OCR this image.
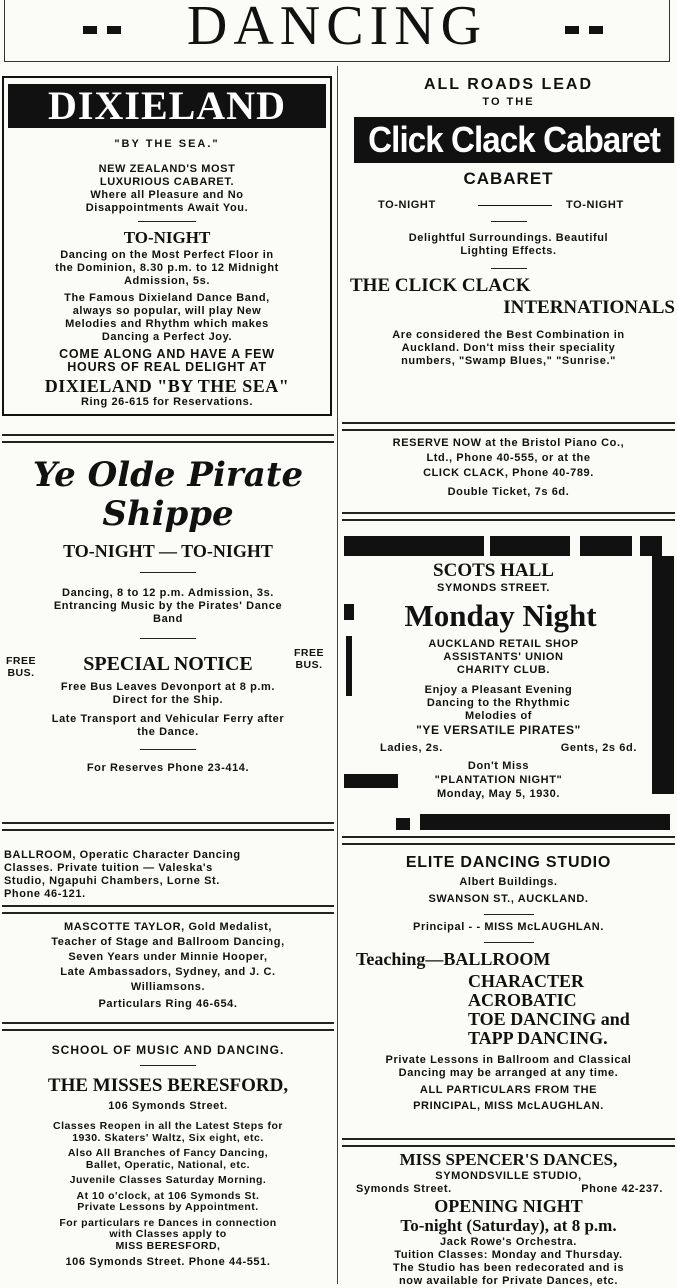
DANCING
DIXIELAND
"BY THE SEA."
NEW ZEALAND'S MOST
LUXURIOUS CABARET.
Where all Pleasure and No
Disappointments Await You.
TO-NIGHT
Dancing on the Most Perfect Floor in
the Dominion, 8.30 p.m. to 12 Midnight
Admission, 5s.
The Famous Dixieland Dance Band,
always so popular, will play New
Melodies and Rhythm which makes
Dancing a Perfect Joy.
COME ALONG AND HAVE A FEW
HOURS OF REAL DELIGHT AT
DIXIELAND "BY THE SEA"
Ring 26-615 for Reservations.
Ye Olde Pirate
Shippe
TO-NIGHT — TO-NIGHT
Dancing, 8 to 12 p.m. Admission, 3s.
Entrancing Music by the Pirates' Dance
Band
FREE
BUS.	SPECIAL NOTICE	FREE
BUS.
Free Bus Leaves Devonport at 8 p.m.
Direct for the Ship.
Late Transport and Vehicular Ferry after
the Dance.
For Reserves Phone 23-414.
BALLROOM, Operatic Character Dancing
Classes. Private tuition — Valeska's
Studio, Ngapuhi Chambers, Lorne St.
Phone 46-121.
MASCOTTE TAYLOR, Gold Medalist,
Teacher of Stage and Ballroom Dancing,
Seven Years under Minnie Hooper,
Late Ambassadors, Sydney, and J. C.
Williamsons.
Particulars Ring 46-654.
SCHOOL OF MUSIC AND DANCING.
THE MISSES BERESFORD,
106 Symonds Street.
Classes Reopen in all the Latest Steps for
1930. Skaters' Waltz, Six eight, etc.
Also All Branches of Fancy Dancing,
Ballet, Operatic, National, etc.
Juvenile Classes Saturday Morning.
At 10 o'clock, at 106 Symonds St.
Private Lessons by Appointment.
For particulars re Dances in connection
with Classes apply to
MISS BERESFORD,
106 Symonds Street. Phone 44-551.
ALL ROADS LEAD
TO THE
Click Clack Cabaret
CABARET
TO-NIGHT	TO-NIGHT
Delightful Surroundings. Beautiful
Lighting Effects.
THE CLICK CLACK
INTERNATIONALS
Are considered the Best Combination in
Auckland. Don't miss their speciality
numbers, "Swamp Blues," "Sunrise."
RESERVE NOW at the Bristol Piano Co.,
Ltd., Phone 40-555, or at the
CLICK CLACK, Phone 40-789.
Double Ticket, 7s 6d.
SCOTS HALL
SYMONDS STREET.
Monday Night
AUCKLAND RETAIL SHOP
ASSISTANTS' UNION
CHARITY CLUB.
Enjoy a Pleasant Evening
Dancing to the Rhythmic
Melodies of
"YE VERSATILE PIRATES"
Ladies, 2s.	Gents, 2s 6d.
Don't Miss
"PLANTATION NIGHT"
Monday, May 5, 1930.
ELITE DANCING STUDIO
Albert Buildings.
SWANSON ST., AUCKLAND.
Principal - - MISS McLAUGHLAN.
Teaching—BALLROOM
CHARACTER
ACROBATIC
TOE DANCING and
TAPP DANCING.
Private Lessons in Ballroom and Classical
Dancing may be arranged at any time.
ALL PARTICULARS FROM THE
PRINCIPAL, MISS McLAUGHLAN.
MISS SPENCER'S DANCES,
SYMONDSVILLE STUDIO,
Symonds Street.	Phone 42-237.
OPENING NIGHT
To-night (Saturday), at 8 p.m.
Jack Rowe's Orchestra.
Tuition Classes: Monday and Thursday.
The Studio has been redecorated and is
now available for Private Dances, etc.
